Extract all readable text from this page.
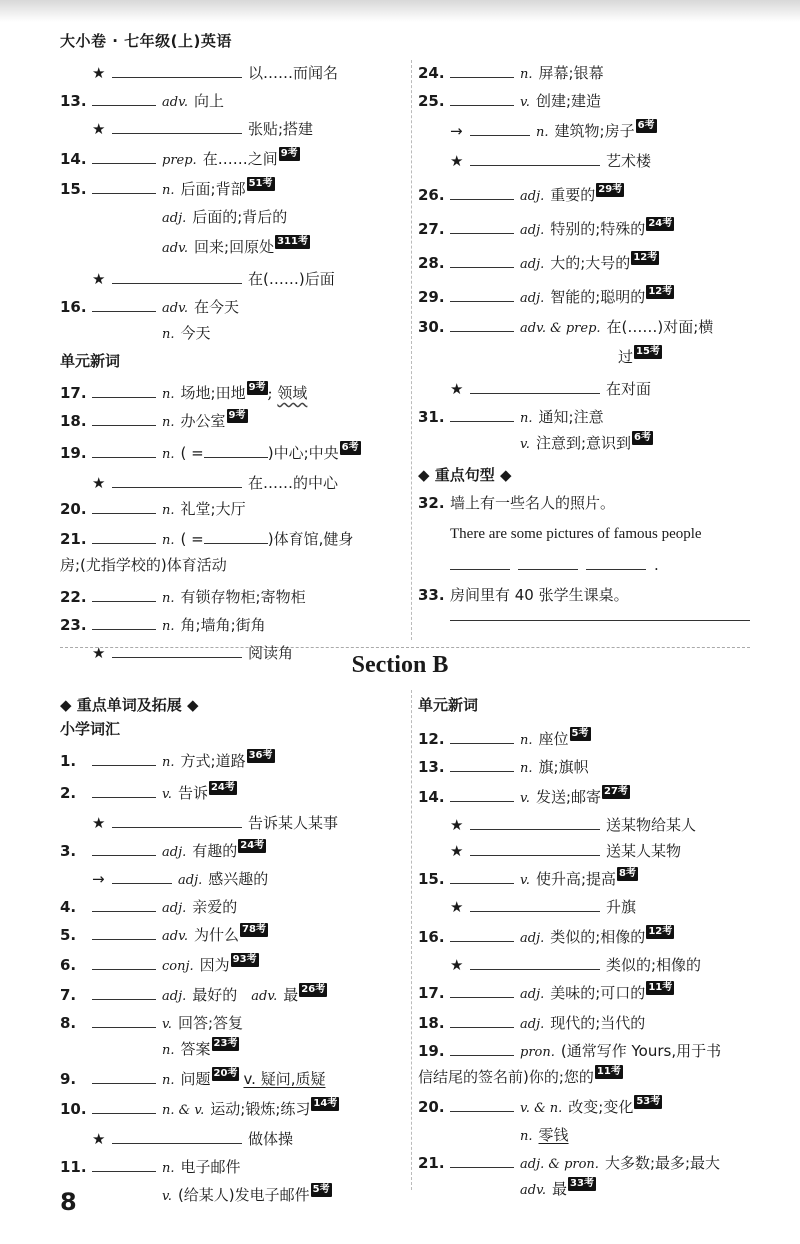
大小卷 · 七年级(上)英语
Section B
8
★	以……而闻名
13.	adv. 向上
★	张贴;搭建
14.	prep. 在……之间 9考
15.	n. 后面;背部 51考
adj. 后面的;背后的
adv. 回来;回原处 311考
★	在(……)后面
16.	adv. 在今天
n. 今天
单元新词
17.	n. 场地;田地 9考 ; 领域
18.	n. 办公室 9考
19.	n. ( =	)中心;中央 6考
★	在……的中心
20.	n. 礼堂;大厅
21.	n. ( =	)体育馆,健身
房;(尤指学校的)体育活动
22.	n. 有锁存物柜;寄物柜
23.	n. 角;墙角;街角
★	阅读角
24.	n. 屏幕;银幕
25.	v. 创建;建造
→	n. 建筑物;房子 6考
★	艺术楼
26.	adj. 重要的 29考
27.	adj. 特别的;特殊的 24考
28.	adj. 大的;大号的 12考
29.	adj. 智能的;聪明的 12考
30.	adv. & prep. 在(……)对面;横
过 15考
★	在对面
31.	n. 通知;注意
v. 注意到;意识到 6考
◆ 重点句型 ◆
32. 墙上有一些名人的照片。
There are some pictures of famous people
.
33. 房间里有 40 张学生课桌。
◆ 重点单词及拓展 ◆
小学词汇
1.	n. 方式;道路 36考
2.	v. 告诉 24考
★	告诉某人某事
3.	adj. 有趣的 24考
→	adj. 感兴趣的
4.	adj. 亲爱的
5.	adv. 为什么 78考
6.	conj. 因为 93考
7.	adj. 最好的 adv. 最 26考
8.	v. 回答;答复
n. 答案 23考
9.	n. 问题 20考 v. 疑问,质疑
10.	n. & v. 运动;锻炼;练习 14考
★	做体操
11.	n. 电子邮件
v. (给某人)发电子邮件 5考
单元新词
12.	n. 座位 5考
13.	n. 旗;旗帜
14.	v. 发送;邮寄 27考
★	送某物给某人
★	送某人某物
15.	v. 使升高;提高 8考
★	升旗
16.	adj. 类似的;相像的 12考
★	类似的;相像的
17.	adj. 美味的;可口的 11考
18.	adj. 现代的;当代的
19.	pron. (通常写作 Yours,用于书
信结尾的签名前)你的;您的 11考
20.	v. & n. 改变;变化 53考
n. 零钱
21.	adj. & pron. 大多数;最多;最大
adv. 最 33考
